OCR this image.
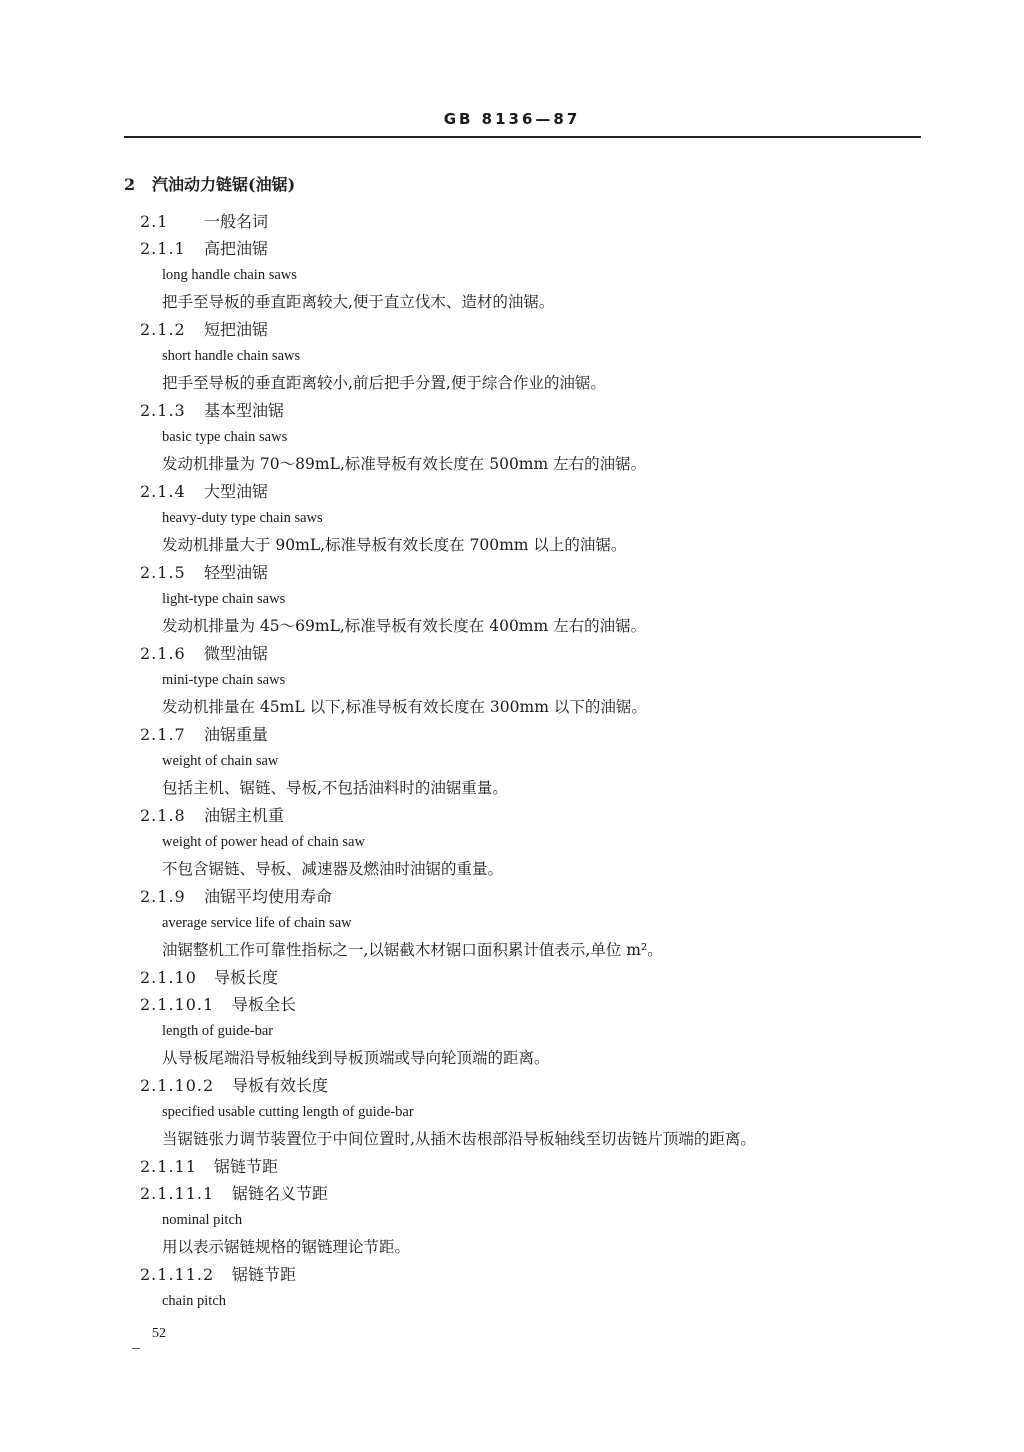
GB 8136—87
2 汽油动力链锯(油锯)
2.1 一般名词
2.1.1 高把油锯
long handle chain saws
把手至导板的垂直距离较大,便于直立伐木、造材的油锯。
2.1.2 短把油锯
short handle chain saws
把手至导板的垂直距离较小,前后把手分置,便于综合作业的油锯。
2.1.3 基本型油锯
basic type chain saws
发动机排量为 70～89mL,标准导板有效长度在 500mm 左右的油锯。
2.1.4 大型油锯
heavy-duty type chain saws
发动机排量大于 90mL,标准导板有效长度在 700mm 以上的油锯。
2.1.5 轻型油锯
light-type chain saws
发动机排量为 45～69mL,标准导板有效长度在 400mm 左右的油锯。
2.1.6 微型油锯
mini-type chain saws
发动机排量在 45mL 以下,标准导板有效长度在 300mm 以下的油锯。
2.1.7 油锯重量
weight of chain saw
包括主机、锯链、导板,不包括油料时的油锯重量。
2.1.8 油锯主机重
weight of power head of chain saw
不包含锯链、导板、减速器及燃油时油锯的重量。
2.1.9 油锯平均使用寿命
average service life of chain saw
油锯整机工作可靠性指标之一,以锯截木材锯口面积累计值表示,单位 m²。
2.1.10 导板长度
2.1.10.1 导板全长
length of guide-bar
从导板尾端沿导板轴线到导板顶端或导向轮顶端的距离。
2.1.10.2 导板有效长度
specified usable cutting length of guide-bar
当锯链张力调节装置位于中间位置时,从插木齿根部沿导板轴线至切齿链片顶端的距离。
2.1.11 锯链节距
2.1.11.1 锯链名义节距
nominal pitch
用以表示锯链规格的锯链理论节距。
2.1.11.2 锯链节距
chain pitch
52
